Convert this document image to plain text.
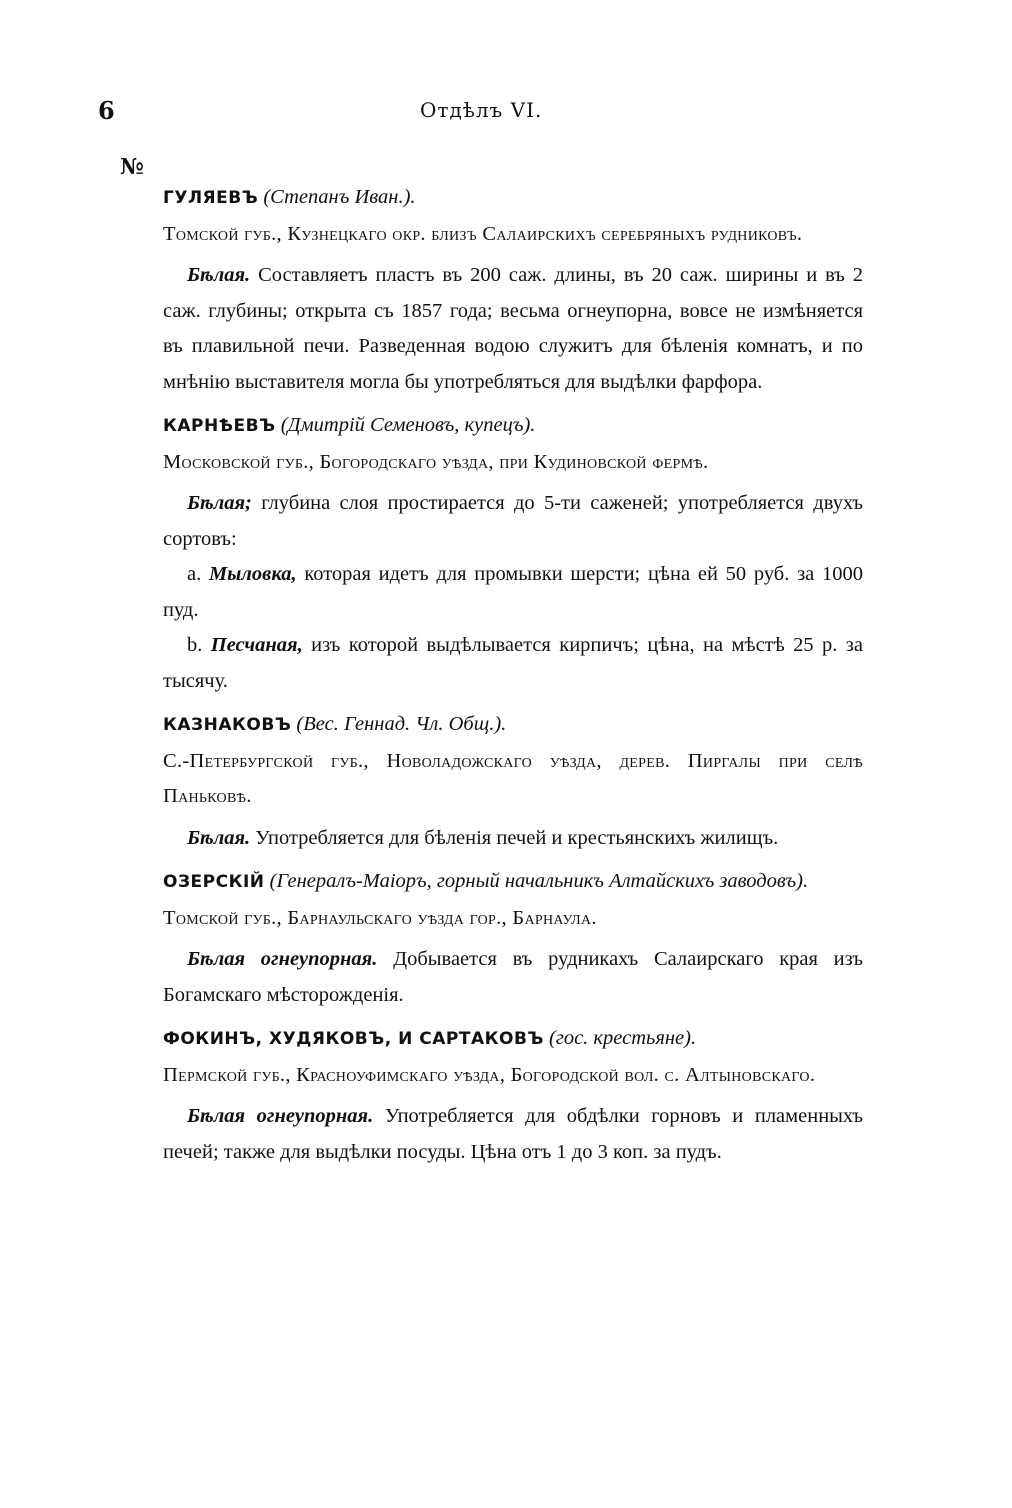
6	Отдѣлъ VI.
№

ГУЛЯЕВЪ (Степанъ Иван.).

Томской губ., Кузнецкаго окр. близъ Салаирскихъ серебряныхъ рудниковъ.

Бѣлая. Составляетъ пластъ въ 200 саж. длины, въ 20 саж. ширины и въ 2 саж. глубины; открыта съ 1857 года; весьма огнеупорна, вовсе не измѣняется въ плавильной печи. Разведенная водою служитъ для бѣленія комнатъ, и по мнѣнію выставителя могла бы употребляться для выдѣлки фарфора.

КАРНѢЕВЪ (Дмитрій Семеновъ, купецъ).

Московской губ., Богородскаго уѣзда, при Кудиновской фермѣ.

Бѣлая; глубина слоя простирается до 5-ти саженей; употребляется двухъ сортовъ:

a. Мыловка, которая идетъ для промывки шерсти; цѣна ей 50 руб. за 1000 пуд.

b. Песчаная, изъ которой выдѣлывается кирпичъ; цѣна, на мѣстѣ 25 р. за тысячу.

КАЗНАКОВЪ (Вес. Геннад. Чл. Общ.).

С.-Петербургской губ., Новоладожскаго уѣзда, дерев. Пиргалы при селѣ Паньковѣ.

Бѣлая. Употребляется для бѣленія печей и крестьянскихъ жилищъ.

ОЗЕРСКІЙ (Генералъ-Маіоръ, горный начальникъ Алтайскихъ заводовъ).

Томской губ., Барнаульскаго уѣзда гор., Барнаула.

Бѣлая огнеупорная. Добывается въ рудникахъ Салаирскаго края изъ Богамскаго мѣсторожденія.

ФОКИНЪ, ХУДЯКОВЪ, И САРТАКОВЪ (гос. крестьяне).

Пермской губ., Красноуфимскаго уѣзда, Богородской вол. с. Алтыновскаго.

Бѣлая огнеупорная. Употребляется для обдѣлки горновъ и пламенныхъ печей; также для выдѣлки посуды. Цѣна отъ 1 до 3 коп. за пудъ.
